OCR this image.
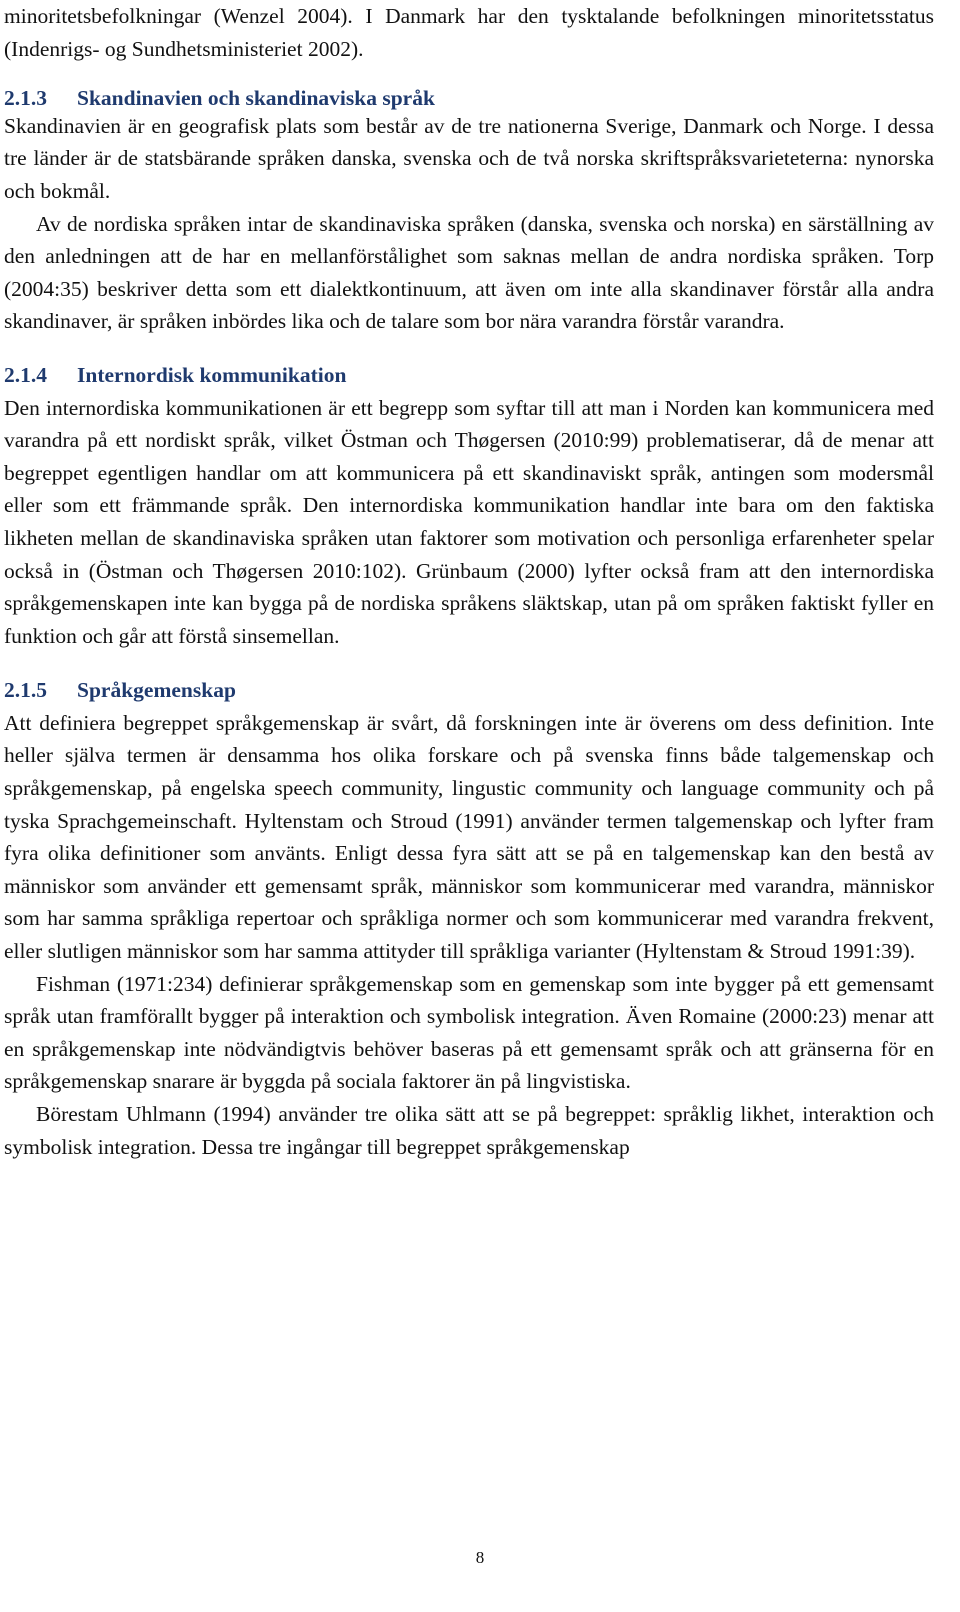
minoritetsbefolkningar (Wenzel 2004). I Danmark har den tysktalande befolkningen minoritetsstatus (Indenrigs- og Sundhetsministeriet 2002).

2.1.3 Skandinavien och skandinaviska språk

Skandinavien är en geografisk plats som består av de tre nationerna Sverige, Danmark och Norge. I dessa tre länder är de statsbärande språken danska, svenska och de två norska skriftspråksvarieteterna: nynorska och bokmål.

Av de nordiska språken intar de skandinaviska språken (danska, svenska och norska) en särställning av den anledningen att de har en mellanförstålighet som saknas mellan de andra nordiska språken. Torp (2004:35) beskriver detta som ett dialektkontinuum, att även om inte alla skandinaver förstår alla andra skandinaver, är språken inbördes lika och de talare som bor nära varandra förstår varandra.

2.1.4 Internordisk kommunikation

Den internordiska kommunikationen är ett begrepp som syftar till att man i Norden kan kommunicera med varandra på ett nordiskt språk, vilket Östman och Thøgersen (2010:99) problematiserar, då de menar att begreppet egentligen handlar om att kommunicera på ett skandinaviskt språk, antingen som modersmål eller som ett främmande språk. Den internordiska kommunikation handlar inte bara om den faktiska likheten mellan de skandinaviska språken utan faktorer som motivation och personliga erfarenheter spelar också in (Östman och Thøgersen 2010:102). Grünbaum (2000) lyfter också fram att den internordiska språkgemenskapen inte kan bygga på de nordiska språkens släktskap, utan på om språken faktiskt fyller en funktion och går att förstå sinsemellan.

2.1.5 Språkgemenskap

Att definiera begreppet språkgemenskap är svårt, då forskningen inte är överens om dess definition. Inte heller själva termen är densamma hos olika forskare och på svenska finns både talgemenskap och språkgemenskap, på engelska speech community, lingustic community och language community och på tyska Sprachgemeinschaft. Hyltenstam och Stroud (1991) använder termen talgemenskap och lyfter fram fyra olika definitioner som använts. Enligt dessa fyra sätt att se på en talgemenskap kan den bestå av människor som använder ett gemensamt språk, människor som kommunicerar med varandra, människor som har samma språkliga repertoar och språkliga normer och som kommunicerar med varandra frekvent, eller slutligen människor som har samma attityder till språkliga varianter (Hyltenstam & Stroud 1991:39).

Fishman (1971:234) definierar språkgemenskap som en gemenskap som inte bygger på ett gemensamt språk utan framförallt bygger på interaktion och symbolisk integration. Även Romaine (2000:23) menar att en språkgemenskap inte nödvändigtvis behöver baseras på ett gemensamt språk och att gränserna för en språkgemenskap snarare är byggda på sociala faktorer än på lingvistiska.

Börestam Uhlmann (1994) använder tre olika sätt att se på begreppet: språklig likhet, interaktion och symbolisk integration. Dessa tre ingångar till begreppet språkgemenskap

8
